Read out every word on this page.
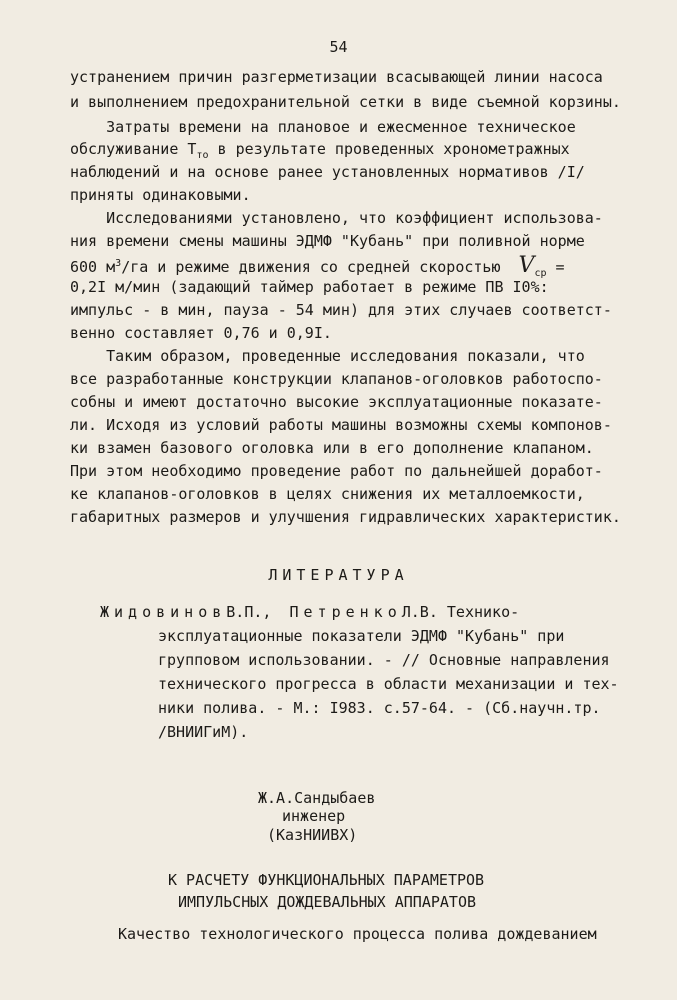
54
устранением причин разгерметизации всасывающей линии насоса
и выполнением предохранительной сетки в виде съемной корзины.
Затраты времени на плановое и ежесменное техническое
обслуживание $T_{то}$ в результате проведенных хронометражных
наблюдений и на основе ранее установленных нормативов /I/
приняты одинаковыми.
Исследованиями установлено, что коэффициент использова-
ния времени смены машины ЭДМФ "Кубань" при поливной норме
600 $м^3/га$ и режиме движения со средней скоростью $V_{ср}$ =
0,2I м/мин (задающий таймер работает в режиме ПВ I0%:
импульс - в мин, пауза - 54 мин) для этих случаев соответст-
венно составляет 0,76 и 0,9I.
Таким образом, проведенные исследования показали, что
все разработанные конструкции клапанов-оголовков работоспо-
собны и имеют достаточно высокие эксплуатационные показате-
ли. Исходя из условий работы машины возможны схемы компонов-
ки взамен базового оголовка или в его дополнение клапаном.
При этом необходимо проведение работ по дальнейшей доработ-
ке клапанов-оголовков в целях снижения их металлоемкости,
габаритных размеров и улучшения гидравлических характеристик.
ЛИТЕРАТУРА
ЖидовиновВ.П., ПетренкоЛ.В. Технико-
эксплуатационные показатели ЭДМФ "Кубань" при
групповом использовании. - // Основные направления
технического прогресса в области механизации и тех-
ники полива. - М.: I983. с.57-64. - (Сб.научн.тр.
/ВНИИГиМ).
Ж.А.Сандыбаев
инженер
(КазНИИВХ)
К РАСЧЕТУ ФУНКЦИОНАЛЬНЫХ ПАРАМЕТРОВ
ИМПУЛЬСНЫХ ДОЖДЕВАЛЬНЫХ АППАРАТОВ
Качество технологического процесса полива дождеванием
